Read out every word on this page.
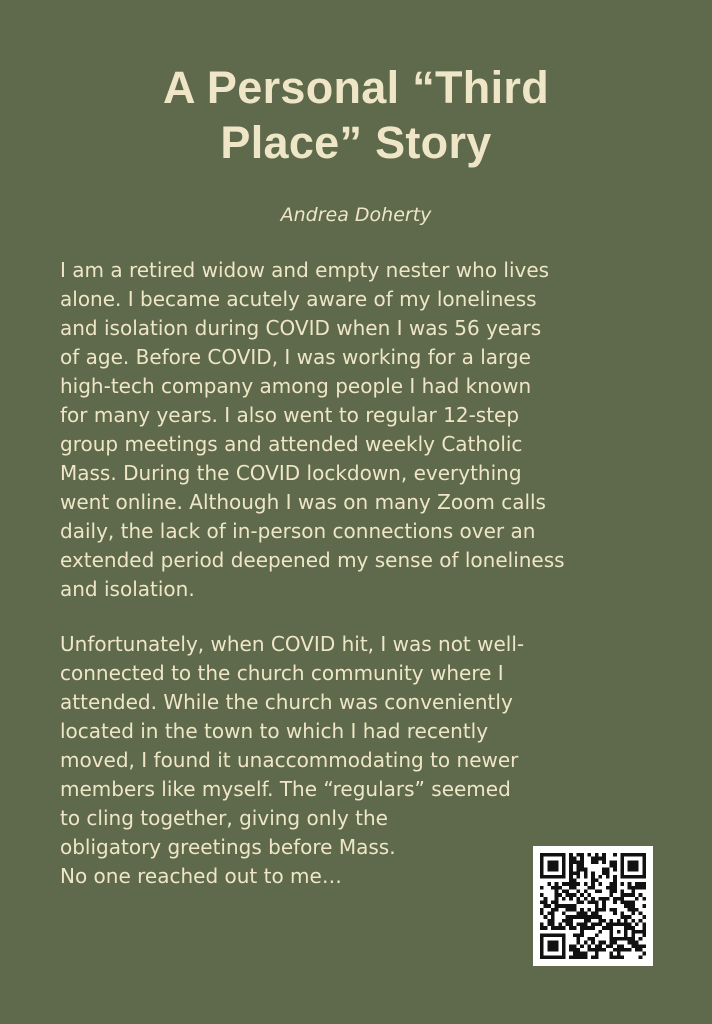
A Personal “Third
Place” Story
Andrea Doherty

I am a retired widow and empty nester who lives
alone. I became acutely aware of my loneliness
and isolation during COVID when I was 56 years
of age. Before COVID, I was working for a large
high-tech company among people I had known
for many years. I also went to regular 12-step
group meetings and attended weekly Catholic
Mass. During the COVID lockdown, everything
went online. Although I was on many Zoom calls
daily, the lack of in-person connections over an
extended period deepened my sense of loneliness
and isolation.

Unfortunately, when COVID hit, I was not well-
connected to the church community where I
attended. While the church was conveniently
located in the town to which I had recently
moved, I found it unaccommodating to newer
members like myself. The “regulars” seemed
to cling together, giving only the
obligatory greetings before Mass.
No one reached out to me…
